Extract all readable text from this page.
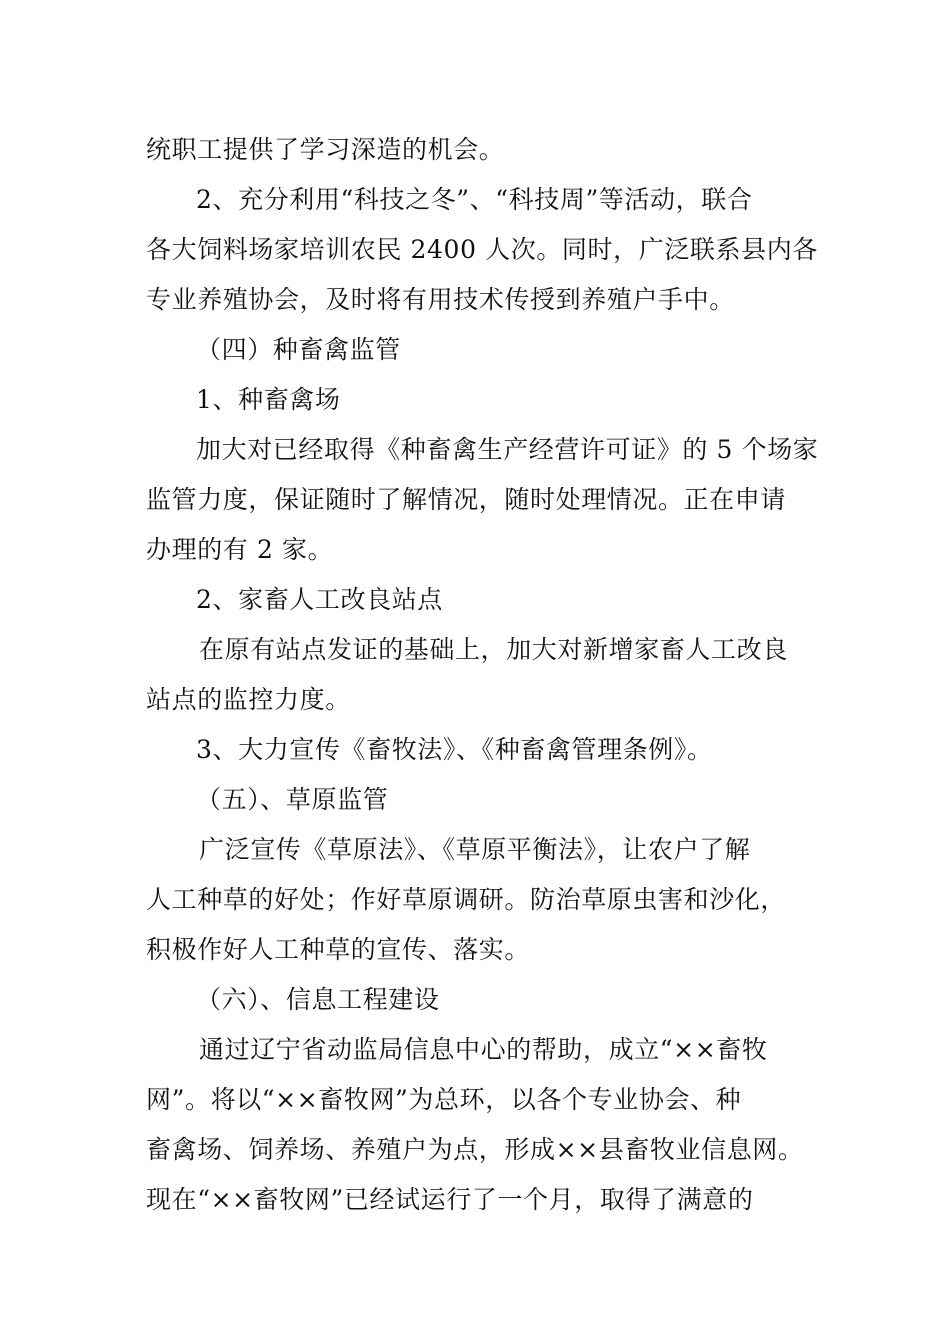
统职工提供了学习深造的机会。
2、充分利用“科技之冬”、“科技周”等活动，联合
各大饲料场家培训农民 2400 人次。同时，广泛联系县内各
专业养殖协会，及时将有用技术传授到养殖户手中。
（四）种畜禽监管
1、种畜禽场
加大对已经取得《种畜禽生产经营许可证》的 5 个场家
监管力度，保证随时了解情况，随时处理情况。正在申请
办理的有 2 家。
2、家畜人工改良站点
在原有站点发证的基础上，加大对新增家畜人工改良
站点的监控力度。
3、大力宣传《畜牧法》、《种畜禽管理条例》。
（五）、草原监管
广泛宣传《草原法》、《草原平衡法》，让农户了解
人工种草的好处；作好草原调研。防治草原虫害和沙化，
积极作好人工种草的宣传、落实。
（六）、信息工程建设
通过辽宁省动监局信息中心的帮助，成立“××畜牧
网”。将以“××畜牧网”为总环，以各个专业协会、种
畜禽场、饲养场、养殖户为点，形成××县畜牧业信息网。
现在“××畜牧网”已经试运行了一个月，取得了满意的
